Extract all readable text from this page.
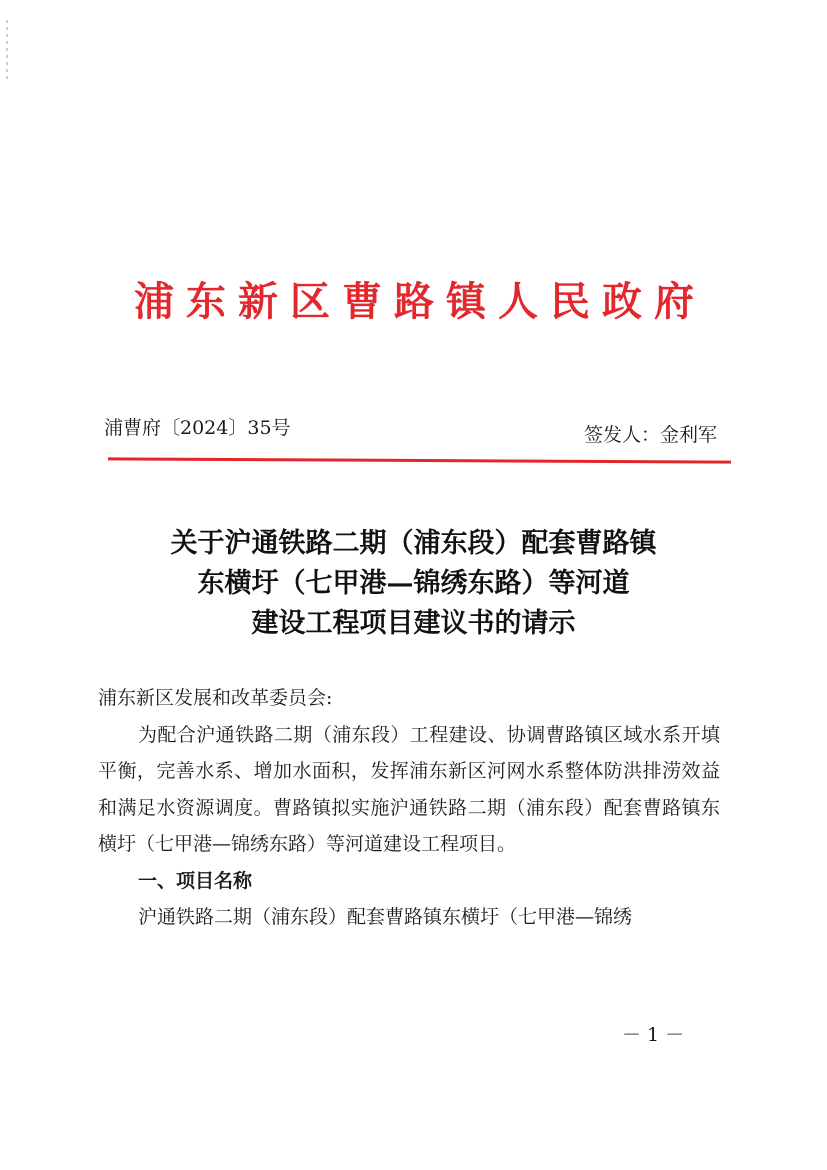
浦东新区曹路镇人民政府
浦曹府〔2024〕35号	签发人：金利军
关于沪通铁路二期（浦东段）配套曹路镇
东横圩（七甲港—锦绣东路）等河道
建设工程项目建议书的请示
浦东新区发展和改革委员会:

为配合沪通铁路二期（浦东段）工程建设、协调曹路镇区域水系开填平衡，完善水系、增加水面积，发挥浦东新区河网水系整体防洪排涝效益和满足水资源调度。曹路镇拟实施沪通铁路二期（浦东段）配套曹路镇东横圩（七甲港—锦绣东路）等河道建设工程项目。

一、项目名称

沪通铁路二期（浦东段）配套曹路镇东横圩（七甲港—锦绣

－ 1 －
